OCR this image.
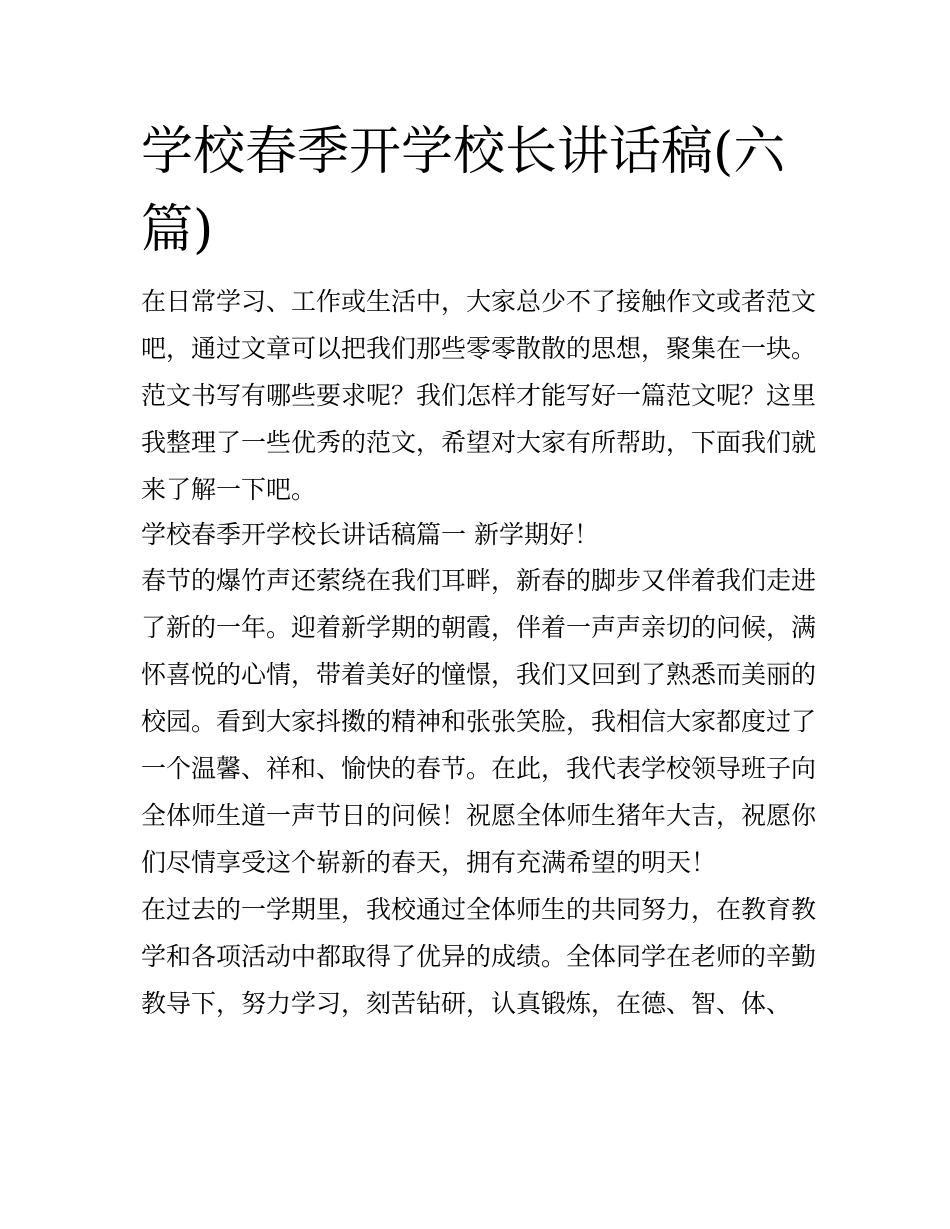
学校春季开学校长讲话稿(六篇)

在日常学习、工作或生活中，大家总少不了接触作文或者范文吧，通过文章可以把我们那些零零散散的思想，聚集在一块。范文书写有哪些要求呢？我们怎样才能写好一篇范文呢？这里我整理了一些优秀的范文，希望对大家有所帮助，下面我们就来了解一下吧。

学校春季开学校长讲话稿篇一 新学期好！

春节的爆竹声还萦绕在我们耳畔，新春的脚步又伴着我们走进了新的一年。迎着新学期的朝霞，伴着一声声亲切的问候，满怀喜悦的心情，带着美好的憧憬，我们又回到了熟悉而美丽的校园。看到大家抖擞的精神和张张笑脸，我相信大家都度过了一个温馨、祥和、愉快的春节。在此，我代表学校领导班子向全体师生道一声节日的问候！祝愿全体师生猪年大吉，祝愿你们尽情享受这个崭新的春天，拥有充满希望的明天！

在过去的一学期里，我校通过全体师生的共同努力，在教育教学和各项活动中都取得了优异的成绩。全体同学在老师的辛勤教导下，努力学习，刻苦钻研，认真锻炼，在德、智、体、
